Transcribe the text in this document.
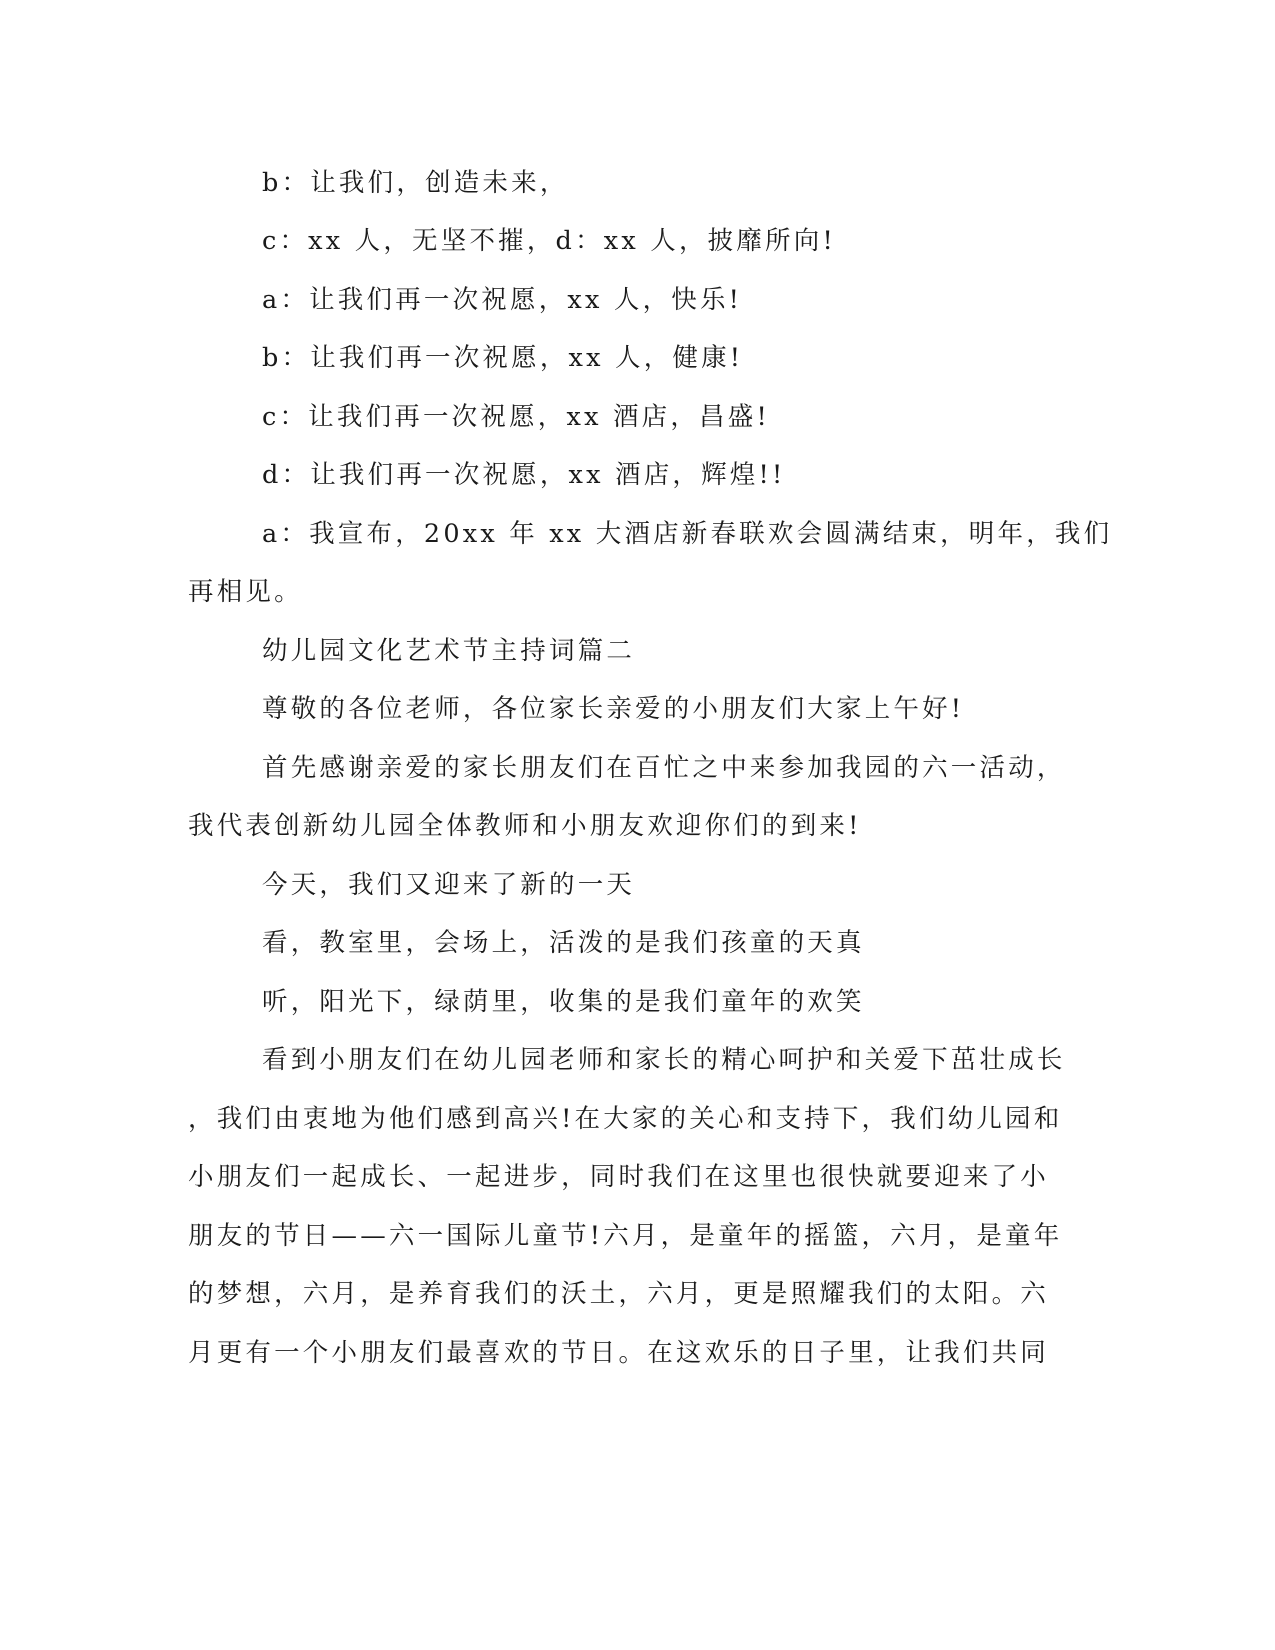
b：让我们，创造未来，
c：xx 人，无坚不摧，d：xx 人，披靡所向!
a：让我们再一次祝愿，xx 人，快乐!
b：让我们再一次祝愿，xx 人，健康!
c：让我们再一次祝愿，xx 酒店，昌盛!
d：让我们再一次祝愿，xx 酒店，辉煌!!
a：我宣布，20xx 年 xx 大酒店新春联欢会圆满结束，明年，我们
再相见。
幼儿园文化艺术节主持词篇二
尊敬的各位老师，各位家长亲爱的小朋友们大家上午好!
首先感谢亲爱的家长朋友们在百忙之中来参加我园的六一活动，
我代表创新幼儿园全体教师和小朋友欢迎你们的到来!
今天，我们又迎来了新的一天
看，教室里，会场上，活泼的是我们孩童的天真
听，阳光下，绿荫里，收集的是我们童年的欢笑
看到小朋友们在幼儿园老师和家长的精心呵护和关爱下茁壮成长
，我们由衷地为他们感到高兴!在大家的关心和支持下，我们幼儿园和
小朋友们一起成长、一起进步，同时我们在这里也很快就要迎来了小
朋友的节日——六一国际儿童节!六月，是童年的摇篮，六月，是童年
的梦想，六月，是养育我们的沃土，六月，更是照耀我们的太阳。六
月更有一个小朋友们最喜欢的节日。在这欢乐的日子里，让我们共同
